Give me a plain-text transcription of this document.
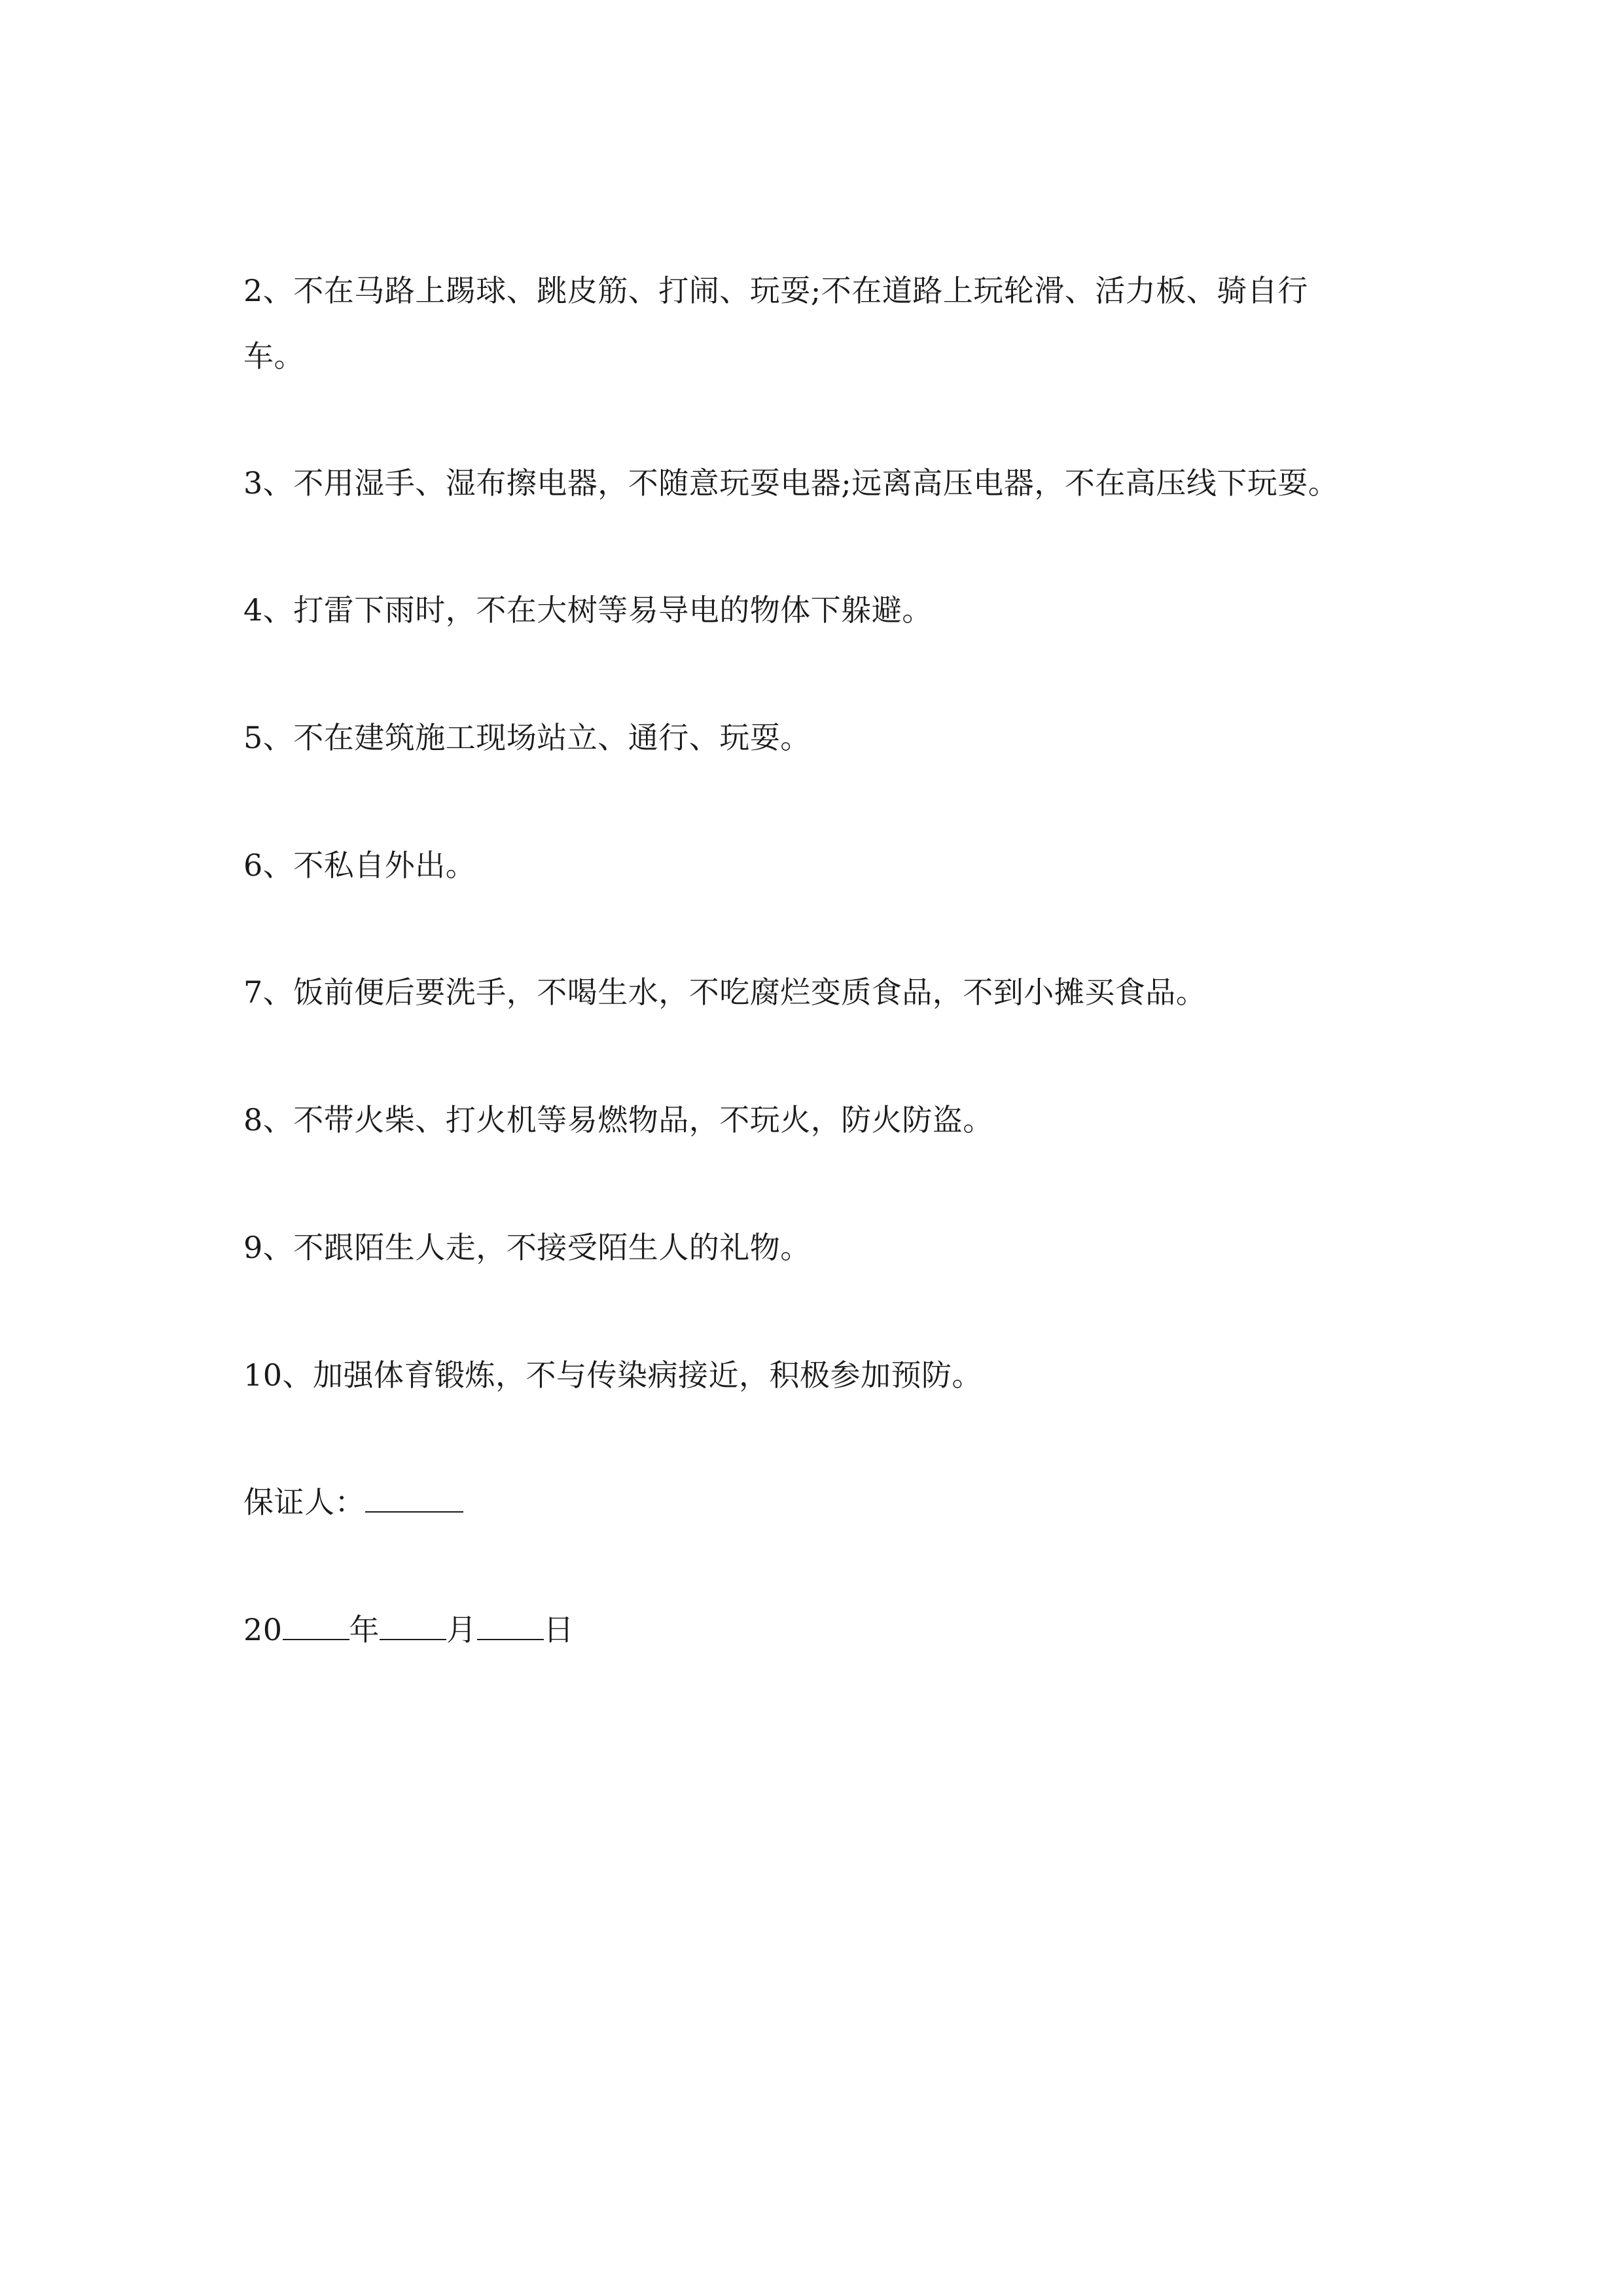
2、不在马路上踢球、跳皮筋、打闹、玩耍;不在道路上玩轮滑、活力板、骑自行
车。
3、不用湿手、湿布擦电器，不随意玩耍电器;远离高压电器，不在高压线下玩耍。
4、打雷下雨时，不在大树等易导电的物体下躲避。
5、不在建筑施工现场站立、通行、玩耍。
6、不私自外出。
7、饭前便后要洗手，不喝生水，不吃腐烂变质食品，不到小摊买食品。
8、不带火柴、打火机等易燃物品，不玩火，防火防盗。
9、不跟陌生人走，不接受陌生人的礼物。
10、加强体育锻炼，不与传染病接近，积极参加预防。
保证人：
20 年 月 日
